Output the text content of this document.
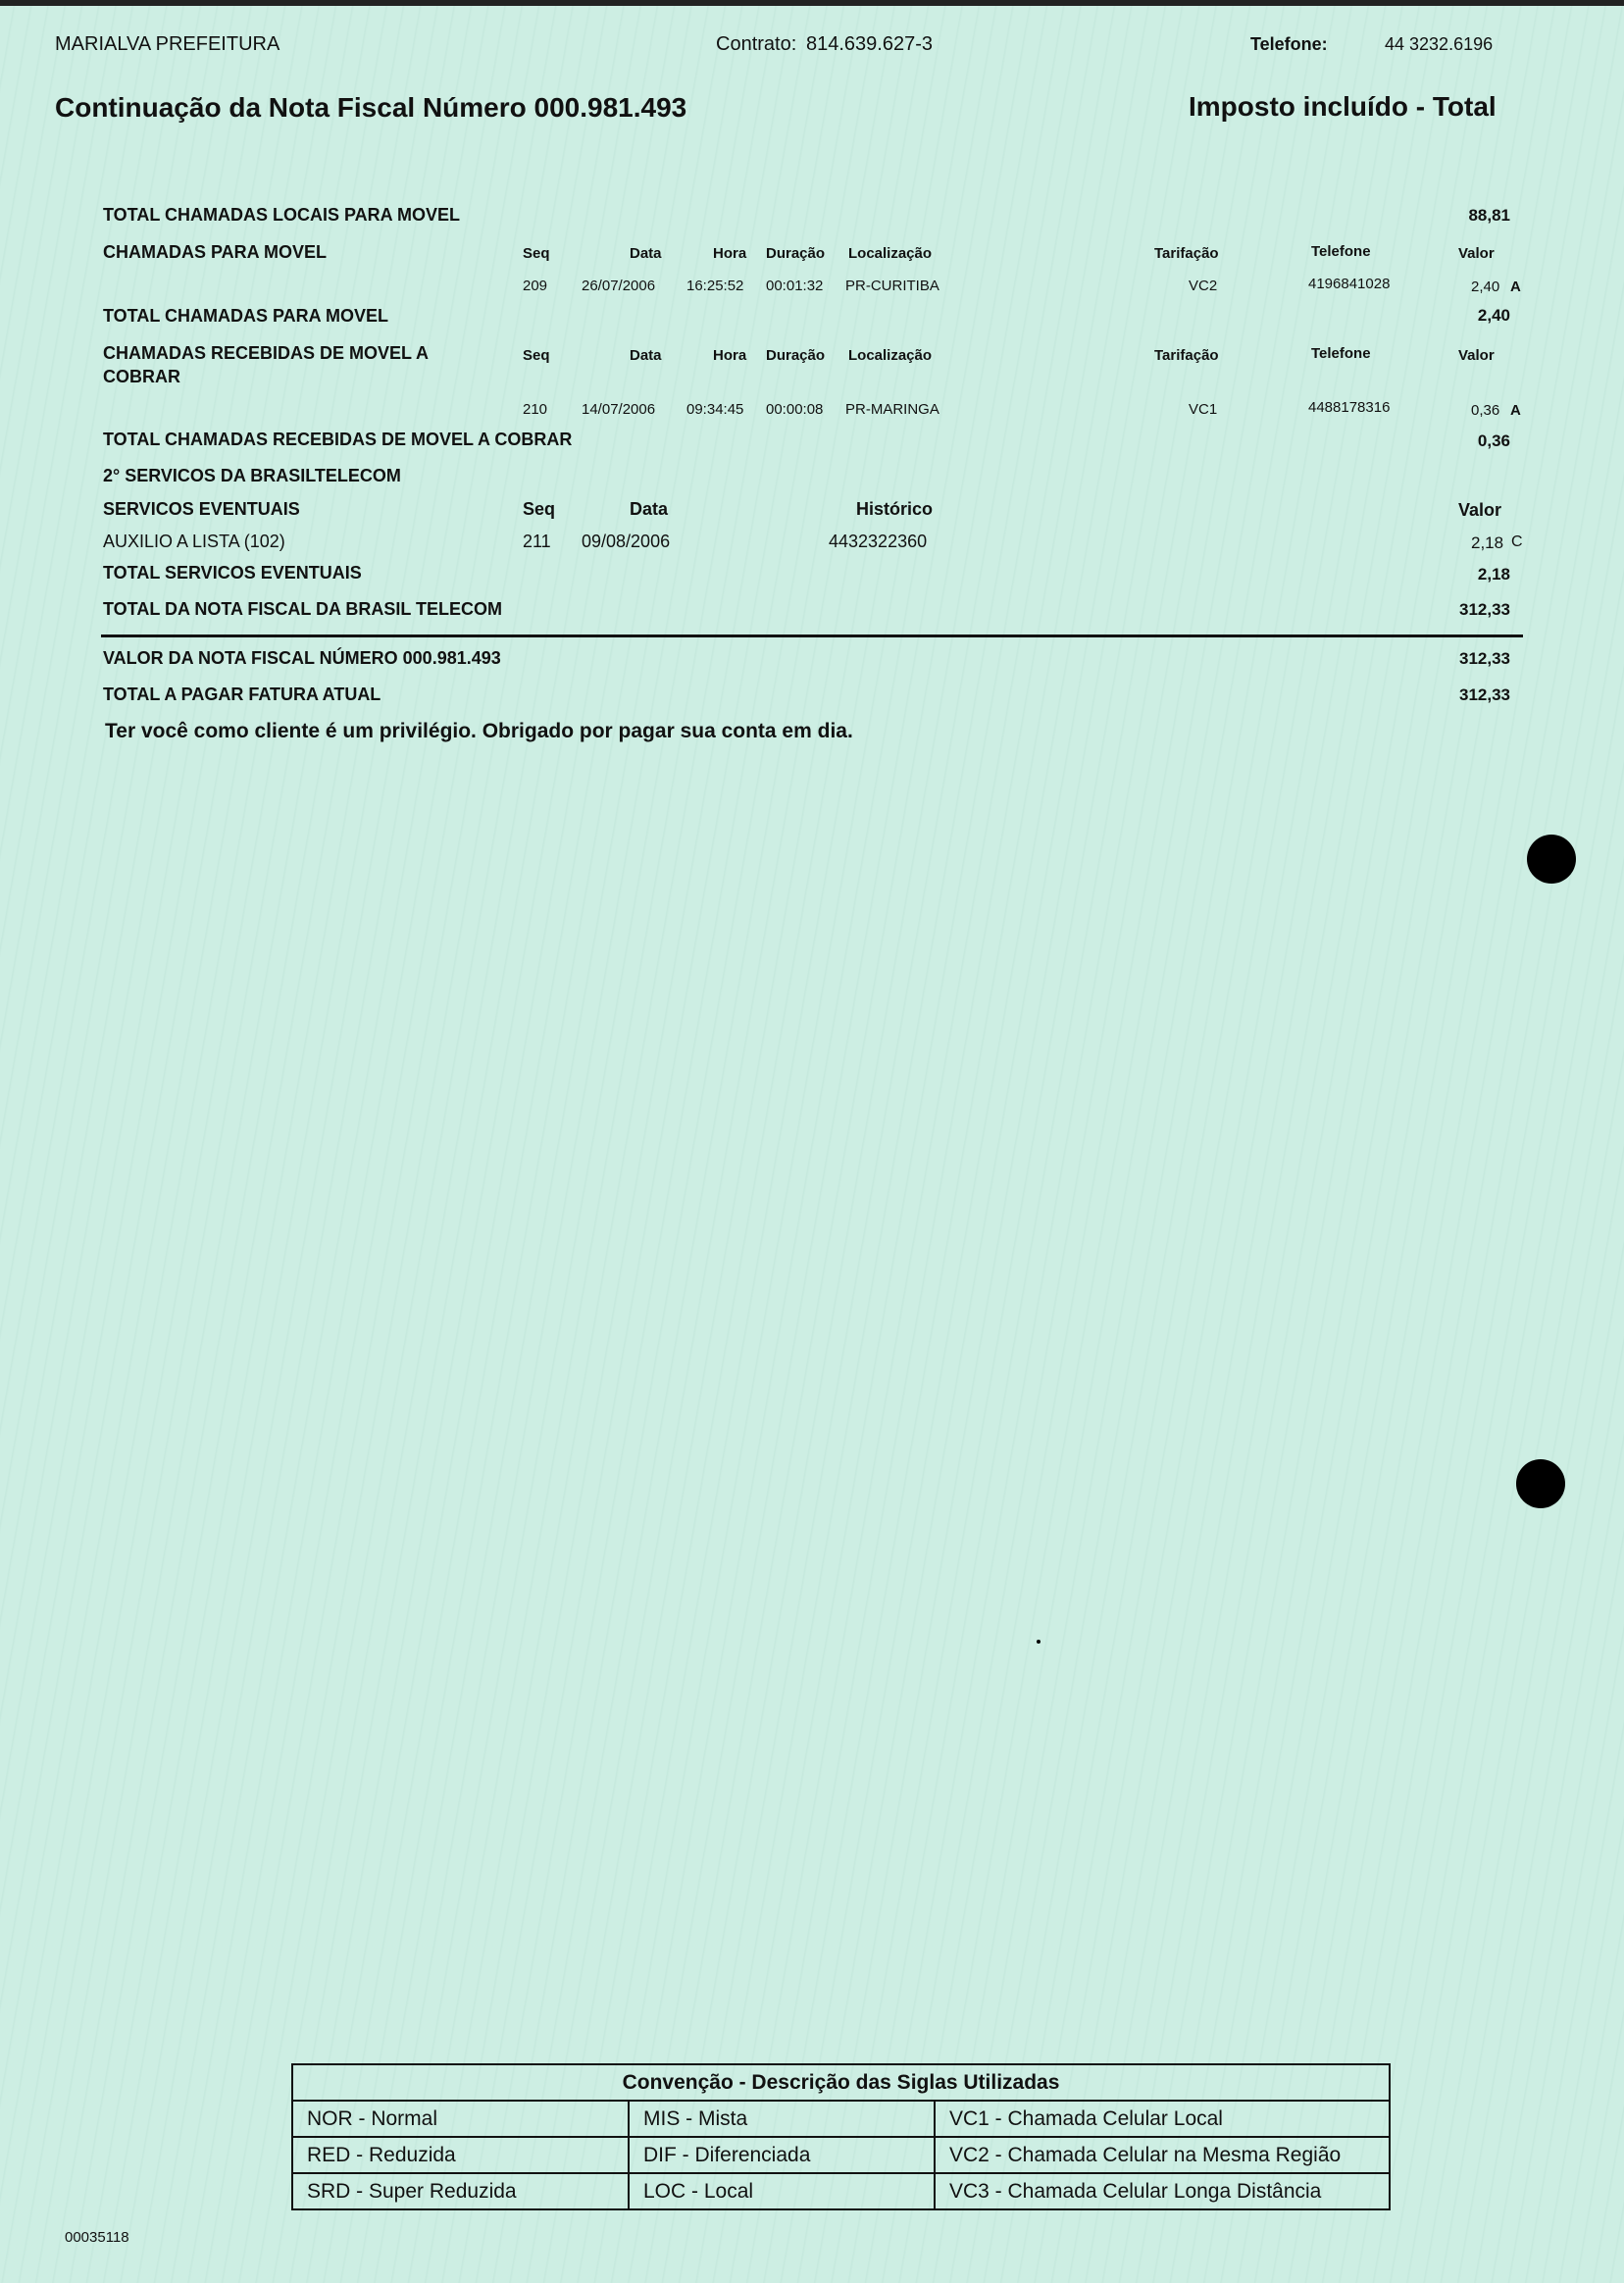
MARIALVA PREFEITURA	Contrato: 814.639.627-3	Telefone:	44 3232.6196
Continuação da Nota Fiscal Número 000.981.493	Imposto incluído - Total
TOTAL CHAMADAS LOCAIS PARA MOVEL	88,81
CHAMADAS PARA MOVEL	Seq	Data	Hora Duração Localização	Tarifação	Telefone	Valor
209 26/07/2006 16:25:52 00:01:32 PR-CURITIBA	VC2	4196841028	2,40 A
TOTAL CHAMADAS PARA MOVEL	2,40
CHAMADAS RECEBIDAS DE MOVEL A
COBRAR
Seq	Data	Hora Duração Localização	Tarifação	Telefone	Valor
210 14/07/2006 09:34:45 00:00:08 PR-MARINGA	VC1	4488178316	0,36 A
TOTAL CHAMADAS RECEBIDAS DE MOVEL A COBRAR	0,36
2° SERVICOS DA BRASILTELECOM
SERVICOS EVENTUAIS	Seq	Data	Histórico	Valor
AUXILIO A LISTA (102)	211 09/08/2006	4432322360	2,18 C
TOTAL SERVICOS EVENTUAIS	2,18
TOTAL DA NOTA FISCAL DA BRASIL TELECOM	312,33
VALOR DA NOTA FISCAL NÚMERO 000.981.493	312,33
TOTAL A PAGAR FATURA ATUAL	312,33
Ter você como cliente é um privilégio. Obrigado por pagar sua conta em dia.
Convenção - Descrição das Siglas Utilizadas		
NOR - Normal	MIS - Mista	VC1 - Chamada Celular Local
RED - Reduzida	DIF - Diferenciada	VC2 - Chamada Celular na Mesma Região
SRD - Super Reduzida	LOC - Local	VC3 - Chamada Celular Longa Distância
00035118
